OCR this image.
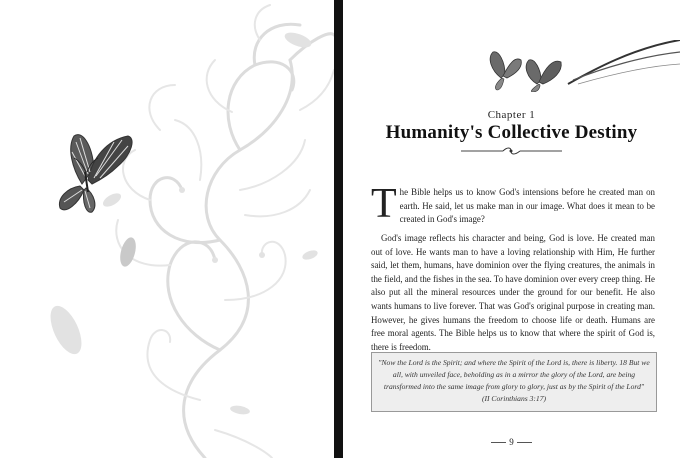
Chapter 1
Humanity's Collective Destiny
The Bible helps us to know God's intensions before he created man on earth. He said, let us make man in our image. What does it mean to be created in God's image?
God's image reflects his character and being, God is love. He created man out of love. He wants man to have a loving relationship with Him, He further said, let them, humans, have dominion over the flying creatures, the animals in the field, and the fishes in the sea. To have dominion over every creep thing. He also put all the mineral resources under the ground for our benefit. He also wants humans to live forever. That was God's original purpose in creating man. However, he gives humans the freedom to choose life or death. Humans are free moral agents. The Bible helps us to know that where the spirit of God is, there is freedom.
"Now the Lord is the Spirit; and where the Spirit of the Lord is, there is liberty. 18 But we all, with unveiled face, beholding as in a mirror the glory of the Lord, are being transformed into the same image from glory to glory, just as by the Spirit of the Lord"
(II Corinthians 3:17)
9
